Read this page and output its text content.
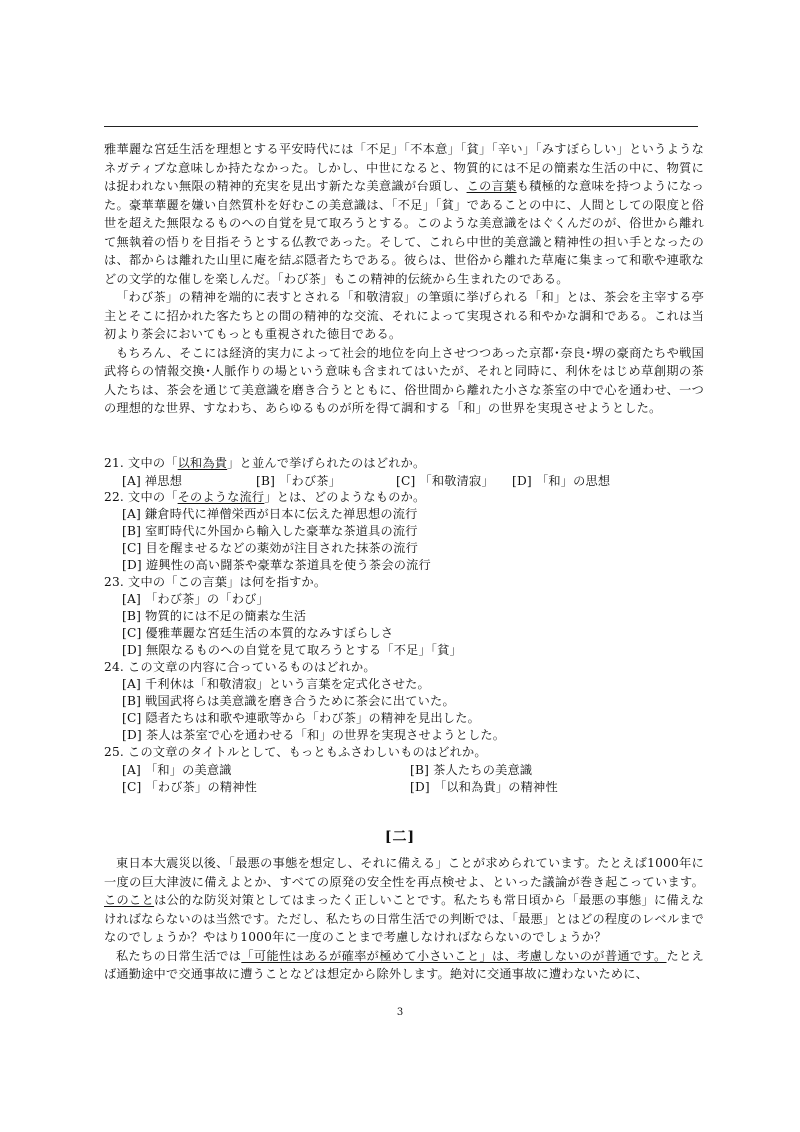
雅華麗な宮廷生活を理想とする平安時代には「不足」「不本意」「貧」「辛い」「みすぼらしい」というようなネガティブな意味しか持たなかった。しかし、中世になると、物質的には不足の簡素な生活の中に、物質には捉われない無限の精神的充実を見出す新たな美意識が台頭し、この言葉も積極的な意味を持つようになった。豪華華麗を嫌い自然質朴を好むこの美意識は、「不足」「貧」であることの中に、人間としての限度と俗世を超えた無限なるものへの自覚を見て取ろうとする。このような美意識をはぐくんだのが、俗世から離れて無執着の悟りを目指そうとする仏教であった。そして、これら中世的美意識と精神性の担い手となったのは、都からは離れた山里に庵を結ぶ隠者たちである。彼らは、世俗から離れた草庵に集まって和歌や連歌などの文学的な催しを楽しんだ。「わび茶」もこの精神的伝統から生まれたのである。

「わび茶」の精神を端的に表すとされる「和敬清寂」の筆頭に挙げられる「和」とは、茶会を主宰する亭主とそこに招かれた客たちとの間の精神的な交流、それによって実現される和やかな調和である。これは当初より茶会においてもっとも重視された徳目である。

もちろん、そこには経済的実力によって社会的地位を向上させつつあった京都･奈良･堺の豪商たちや戦国武将らの情報交換･人脈作りの場という意味も含まれてはいたが、それと同時に、利休をはじめ草創期の茶人たちは、茶会を通じて美意識を磨き合うとともに、俗世間から離れた小さな茶室の中で心を通わせ、一つの理想的な世界、すなわち、あらゆるものが所を得て調和する「和」の世界を実現させようとした。

21. 文中の「以和為貴」と並んで挙げられたのはどれか。
[A] 禅思想	[B] 「わび茶」	[C] 「和敬清寂」 [D] 「和」の思想
22. 文中の「そのような流行」とは、どのようなものか。
[A] 鎌倉時代に禅僧栄西が日本に伝えた禅思想の流行
[B] 室町時代に外国から輸入した豪華な茶道具の流行
[C] 目を醒ませるなどの薬効が注目された抹茶の流行
[D] 遊興性の高い闘茶や豪華な茶道具を使う茶会の流行
23. 文中の「この言葉」は何を指すか。
[A] 「わび茶」の「わび」
[B] 物質的には不足の簡素な生活
[C] 優雅華麗な宮廷生活の本質的なみすぼらしさ
[D] 無限なるものへの自覚を見て取ろうとする「不足」「貧」
24. この文章の内容に合っているものはどれか。
[A] 千利休は「和敬清寂」という言葉を定式化させた。
[B] 戦国武将らは美意識を磨き合うために茶会に出ていた。
[C] 隠者たちは和歌や連歌等から「わび茶」の精神を見出した。
[D] 茶人は茶室で心を通わせる「和」の世界を実現させようとした。
25. この文章のタイトルとして、もっともふさわしいものはどれか。
[A] 「和」の美意識	[B] 茶人たちの美意識
[C] 「わび茶」の精神性	[D] 「以和為貴」の精神性
[二]

東日本大震災以後、「最悪の事態を想定し、それに備える」ことが求められています。たとえば1000年に一度の巨大津波に備えよとか、すべての原発の安全性を再点検せよ、といった議論が巻き起こっています。このことは公的な防災対策としてはまったく正しいことです。私たちも常日頃から「最悪の事態」に備えなければならないのは当然です。ただし、私たちの日常生活での判断では、「最悪」とはどの程度のレベルまでなのでしょうか？やはり1000年に一度のことまで考慮しなければならないのでしょうか？

私たちの日常生活では「可能性はあるが確率が極めて小さいこと」は、考慮しないのが普通です。たとえば通勤途中で交通事故に遭うことなどは想定から除外します。絶対に交通事故に遭わないために、

3
